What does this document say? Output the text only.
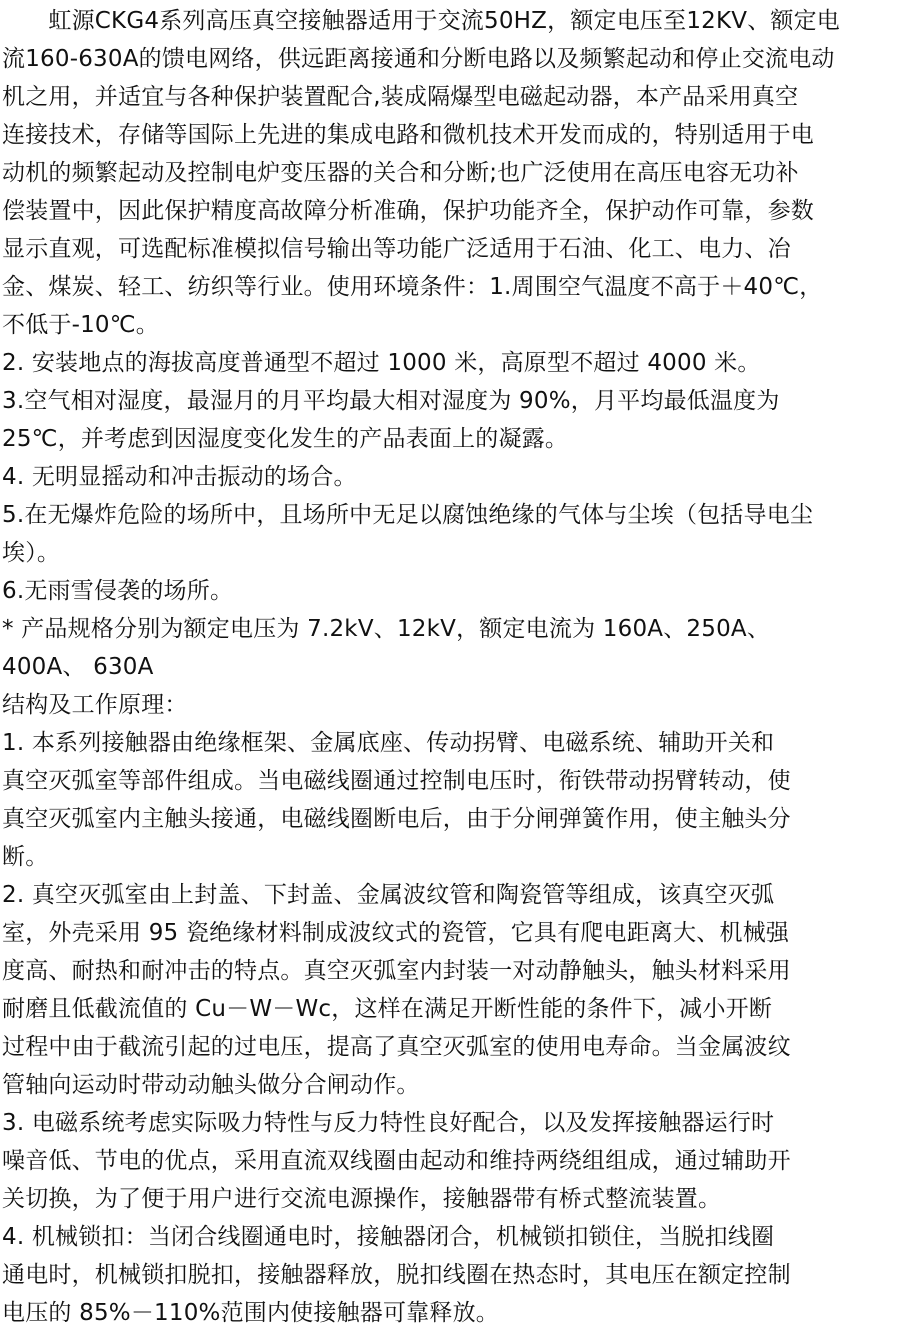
　　虹源CKG4系列高压真空接触器适用于交流50HZ，额定电压至12KV、额定电
流160-630A的馈电网络，供远距离接通和分断电路以及频繁起动和停止交流电动
机之用，并适宜与各种保护装置配合,装成隔爆型电磁起动器，本产品采用真空
连接技术，存储等国际上先进的集成电路和微机技术开发而成的，特别适用于电
动机的频繁起动及控制电炉变压器的关合和分断;也广泛使用在高压电容无功补
偿装置中，因此保护精度高故障分析准确，保护功能齐全，保护动作可靠，参数
显示直观，可选配标准模拟信号输出等功能广泛适用于石油、化工、电力、冶
金、煤炭、轻工、纺织等行业。使用环境条件：1.周围空气温度不高于＋40℃，
不低于-10℃。
2. 安装地点的海拔高度普通型不超过 1000 米，高原型不超过 4000 米。
3.空气相对湿度，最湿月的月平均最大相对湿度为 90%，月平均最低温度为
25℃，并考虑到因湿度变化发生的产品表面上的凝露。
4. 无明显摇动和冲击振动的场合。
5.在无爆炸危险的场所中，且场所中无足以腐蚀绝缘的气体与尘埃（包括导电尘
埃）。
6.无雨雪侵袭的场所。
* 产品规格分别为额定电压为 7.2kV、12kV，额定电流为 160A、250A、
400A、 630A
结构及工作原理：
1. 本系列接触器由绝缘框架、金属底座、传动拐臂、电磁系统、辅助开关和
真空灭弧室等部件组成。当电磁线圈通过控制电压时，衔铁带动拐臂转动，使
真空灭弧室内主触头接通，电磁线圈断电后，由于分闸弹簧作用，使主触头分
断。
2. 真空灭弧室由上封盖、下封盖、金属波纹管和陶瓷管等组成，该真空灭弧
室，外壳采用 95 瓷绝缘材料制成波纹式的瓷管，它具有爬电距离大、机械强
度高、耐热和耐冲击的特点。真空灭弧室内封装一对动静触头，触头材料采用
耐磨且低截流值的 Cu－W－Wc，这样在满足开断性能的条件下，减小开断
过程中由于截流引起的过电压，提高了真空灭弧室的使用电寿命。当金属波纹
管轴向运动时带动动触头做分合闸动作。
3. 电磁系统考虑实际吸力特性与反力特性良好配合，以及发挥接触器运行时
噪音低、节电的优点，采用直流双线圈由起动和维持两绕组组成，通过辅助开
关切换，为了便于用户进行交流电源操作，接触器带有桥式整流装置。
4. 机械锁扣：当闭合线圈通电时，接触器闭合，机械锁扣锁住，当脱扣线圈
通电时，机械锁扣脱扣，接触器释放，脱扣线圈在热态时，其电压在额定控制
电压的 85%－110%范围内使接触器可靠释放。
